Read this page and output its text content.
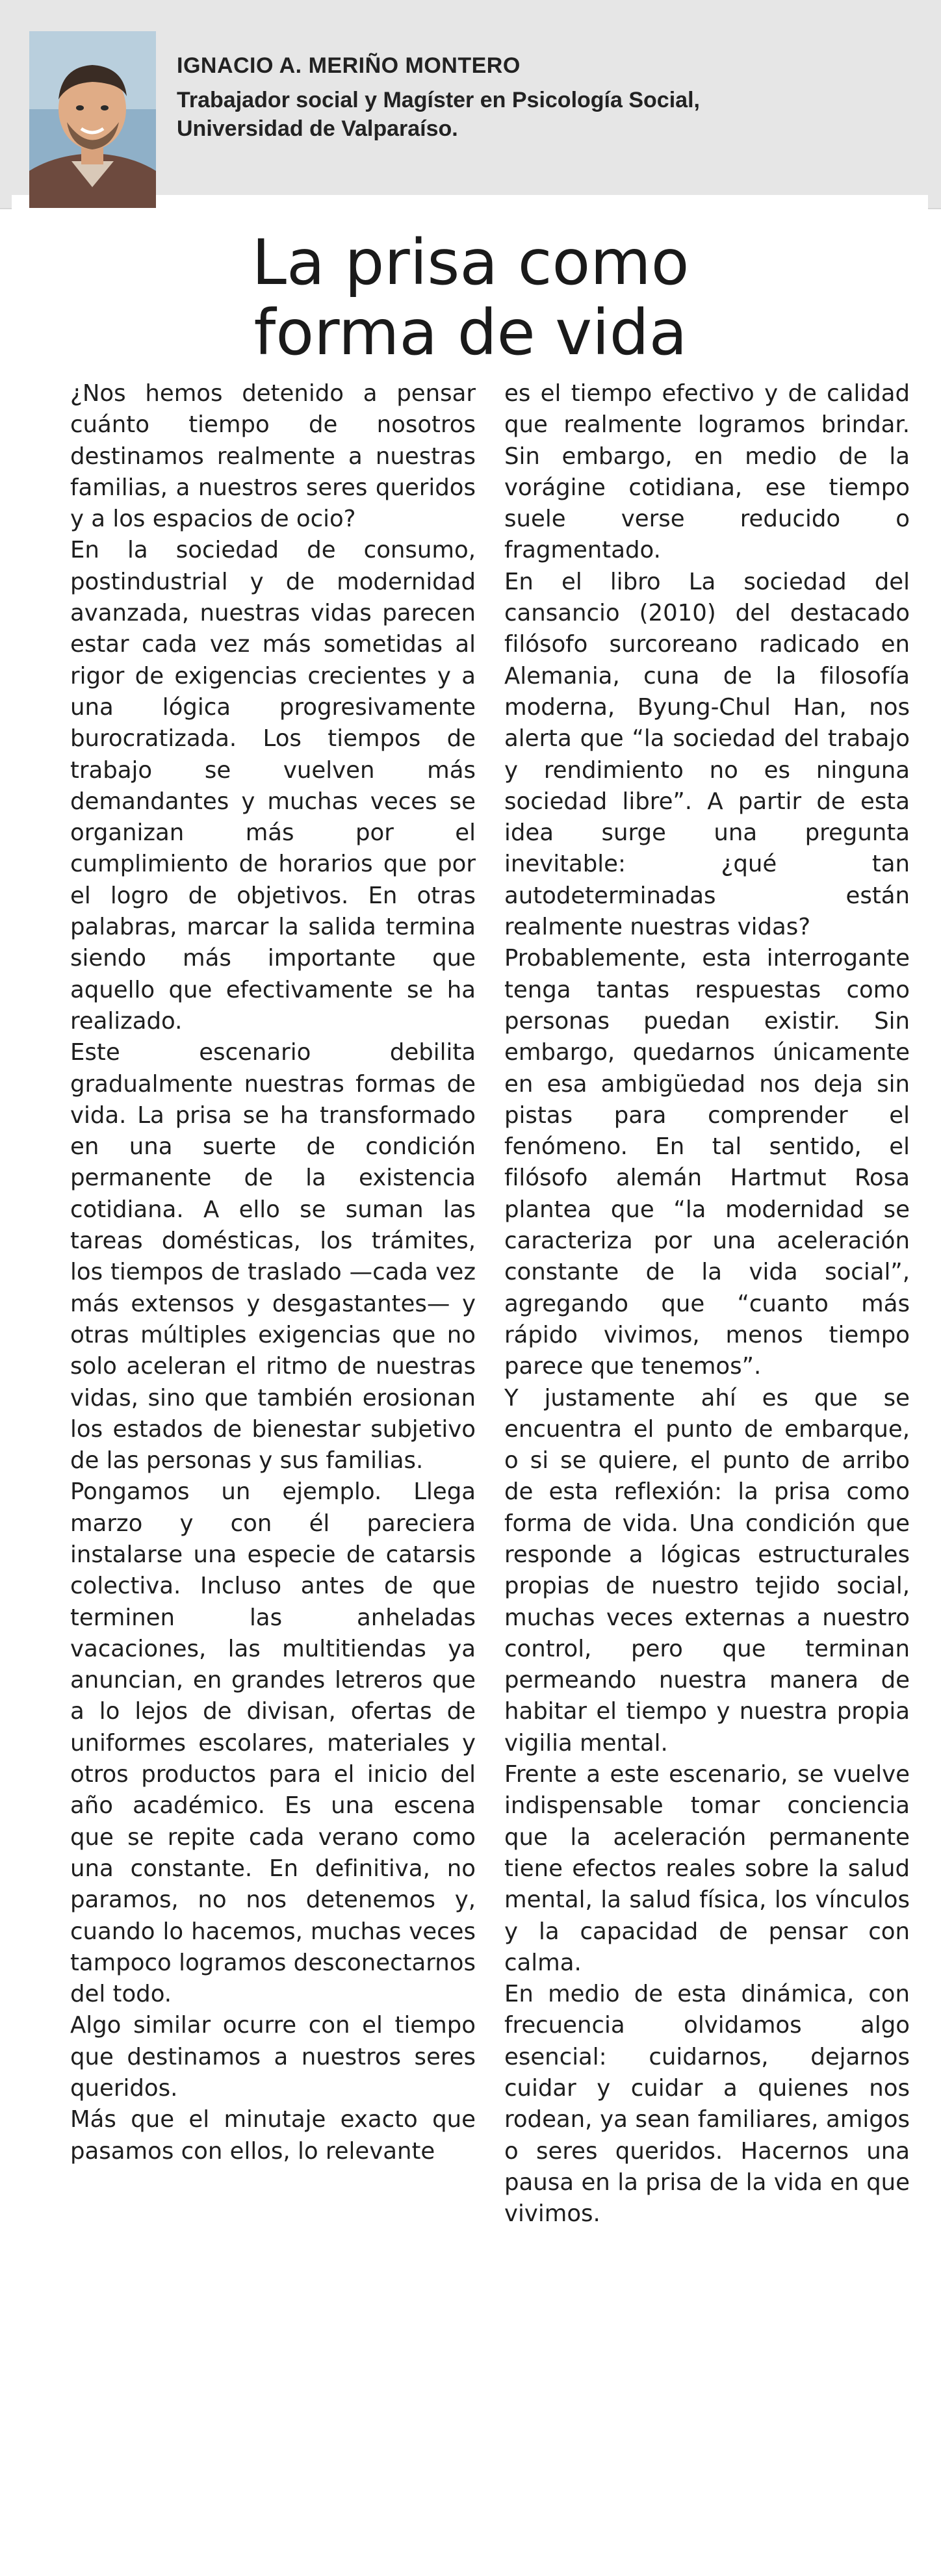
IGNACIO A. MERIÑO MONTERO
Trabajador social y Magíster en Psicología Social,
Universidad de Valparaíso.
La prisa como
forma de vida

¿Nos hemos detenido a pensar cuánto tiempo de nosotros destinamos realmente a nuestras familias, a nuestros seres queridos y a los espacios de ocio?

En la sociedad de consumo, postindustrial y de modernidad avanzada, nuestras vidas parecen estar cada vez más sometidas al rigor de exigencias crecientes y a una lógica progresivamente burocratizada. Los tiempos de trabajo se vuelven más demandantes y muchas veces se organizan más por el cumplimiento de horarios que por el logro de objetivos. En otras palabras, marcar la salida termina siendo más importante que aquello que efectivamente se ha realizado.

Este escenario debilita gradualmente nuestras formas de vida. La prisa se ha transformado en una suerte de condición permanente de la existencia cotidiana. A ello se suman las tareas domésticas, los trámites, los tiempos de traslado —cada vez más extensos y desgastantes— y otras múltiples exigencias que no solo aceleran el ritmo de nuestras vidas, sino que también erosionan los estados de bienestar subjetivo de las personas y sus familias.

Pongamos un ejemplo. Llega marzo y con él pareciera instalarse una especie de catarsis colectiva. Incluso antes de que terminen las anheladas vacaciones, las multitiendas ya anuncian, en grandes letreros que a lo lejos de divisan, ofertas de uniformes escolares, materiales y otros productos para el inicio del año académico. Es una escena que se repite cada verano como una constante. En definitiva, no paramos, no nos detenemos y, cuando lo hacemos, muchas veces tampoco logramos desconectarnos del todo.

Algo similar ocurre con el tiempo que destinamos a nuestros seres queridos.

Más que el minutaje exacto que pasamos con ellos, lo relevante

es el tiempo efectivo y de calidad que realmente logramos brindar. Sin embargo, en medio de la vorágine cotidiana, ese tiempo suele verse reducido o fragmentado.

En el libro La sociedad del cansancio (2010) del destacado filósofo surcoreano radicado en Alemania, cuna de la filosofía moderna, Byung-Chul Han, nos alerta que “la sociedad del trabajo y rendimiento no es ninguna sociedad libre”. A partir de esta idea surge una pregunta inevitable: ¿qué tan autodeterminadas están realmente nuestras vidas?

Probablemente, esta interrogante tenga tantas respuestas como personas puedan existir. Sin embargo, quedarnos únicamente en esa ambigüedad nos deja sin pistas para comprender el fenómeno. En tal sentido, el filósofo alemán Hartmut Rosa plantea que “la modernidad se caracteriza por una aceleración constante de la vida social”, agregando que “cuanto más rápido vivimos, menos tiempo parece que tenemos”.

Y justamente ahí es que se encuentra el punto de embarque, o si se quiere, el punto de arribo de esta reflexión: la prisa como forma de vida. Una condición que responde a lógicas estructurales propias de nuestro tejido social, muchas veces externas a nuestro control, pero que terminan permeando nuestra manera de habitar el tiempo y nuestra propia vigilia mental.

Frente a este escenario, se vuelve indispensable tomar conciencia que la aceleración permanente tiene efectos reales sobre la salud mental, la salud física, los vínculos y la capacidad de pensar con calma.

En medio de esta dinámica, con frecuencia olvidamos algo esencial: cuidarnos, dejarnos cuidar y cuidar a quienes nos rodean, ya sean familiares, amigos o seres queridos. Hacernos una pausa en la prisa de la vida en que vivimos.
